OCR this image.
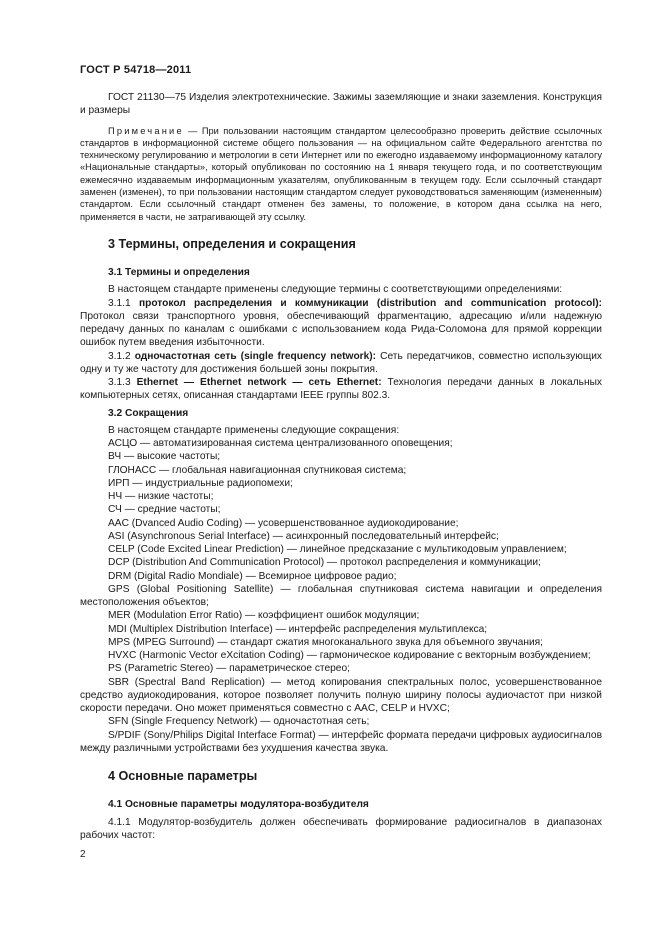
ГОСТ Р 54718—2011

ГОСТ 21130—75 Изделия электротехнические. Зажимы заземляющие и знаки заземления. Конструкция и размеры

Примечание — При пользовании настоящим стандартом целесообразно проверить действие ссылочных стандартов в информационной системе общего пользования — на официальном сайте Федерального агентства по техническому регулированию и метрологии в сети Интернет или по ежегодно издаваемому информационному каталогу «Национальные стандарты», который опубликован по состоянию на 1 января текущего года, и по соответствующим ежемесячно издаваемым информационным указателям, опубликованным в текущем году. Если ссылочный стандарт заменен (изменен), то при пользовании настоящим стандартом следует руководствоваться заменяющим (измененным) стандартом. Если ссылочный стандарт отменен без замены, то положение, в котором дана ссылка на него, применяется в части, не затрагивающей эту ссылку.

3 Термины, определения и сокращения

3.1 Термины и определения

В настоящем стандарте применены следующие термины с соответствующими определениями:

3.1.1 протокол распределения и коммуникации (distribution and communication protocol): Протокол связи транспортного уровня, обеспечивающий фрагментацию, адресацию и/или надежную передачу данных по каналам с ошибками с использованием кода Рида-Соломона для прямой коррекции ошибок путем введения избыточности.

3.1.2 одночастотная сеть (single frequency network): Сеть передатчиков, совместно использующих одну и ту же частоту для достижения большей зоны покрытия.

3.1.3 Ethernet — Ethernet network — сеть Ethernet: Технология передачи данных в локальных компьютерных сетях, описанная стандартами IEEE группы 802.3.

3.2 Сокращения

В настоящем стандарте применены следующие сокращения:

АСЦО — автоматизированная система централизованного оповещения;

ВЧ — высокие частоты;

ГЛОНАСС — глобальная навигационная спутниковая система;

ИРП — индустриальные радиопомехи;

НЧ — низкие частоты;

СЧ — средние частоты;

AAC (Dvanced Audio Coding) — усовершенствованное аудиокодирование;

ASI (Asynchronous Serial Interface) — асинхронный последовательный интерфейс;

CELP (Code Excited Linear Prediction) — линейное предсказание с мультикодовым управлением;

DCP (Distribution And Communication Protocol) — протокол распределения и коммуникации;

DRM (Digital Radio Mondiale) — Всемирное цифровое радио;

GPS (Global Positioning Satellite) — глобальная спутниковая система навигации и определения местоположения объектов;

MER (Modulation Error Ratio) — коэффициент ошибок модуляции;

MDI (Multiplex Distribution Interface) — интерфейс распределения мультиплекса;

MPS (MPEG Surround) — стандарт сжатия многоканального звука для объемного звучания;

HVXC (Harmonic Vector eXcitation Coding) — гармоническое кодирование с векторным возбуждением;

PS (Parametric Stereo) — параметрическое стерео;

SBR (Spectral Band Replication) — метод копирования спектральных полос, усовершенствованное средство аудиокодирования, которое позволяет получить полную ширину полосы аудиочастот при низкой скорости передачи. Оно может применяться совместно с AAC, CELP и HVXC;

SFN (Single Frequency Network) — одночастотная сеть;

S/PDIF (Sony/Philips Digital Interface Format) — интерфейс формата передачи цифровых аудиосигналов между различными устройствами без ухудшения качества звука.

4 Основные параметры

4.1 Основные параметры модулятора-возбудителя

4.1.1 Модулятор-возбудитель должен обеспечивать формирование радиосигналов в диапазонах рабочих частот:

2
